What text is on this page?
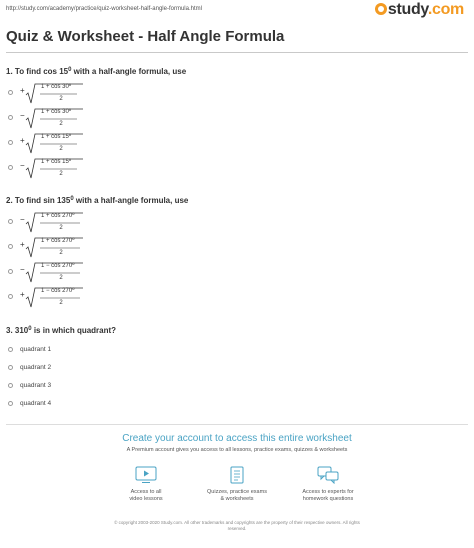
http://study.com/academy/practice/quiz-worksheet-half-angle-formula.html	study.com
Quiz & Worksheet - Half Angle Formula
1. To find $\cos 15^0$ with a half-angle formula, use
+	1 + cos 30º
2
−	1 + cos 30º
2
+	1 + cos 15º
2
−	1 + cos 15º
2
2. To find $\sin 135^0$ with a half-angle formula, use
−	1 + cos 270º
2
+	1 + cos 270º
2
−	1 − cos 270º
2
+	1 − cos 270º
2
3. $310^0$ is in which quadrant?
quadrant 1
quadrant 2
quadrant 3
quadrant 4
Create your account to access this entire worksheet
A Premium account gives you access to all lessons, practice exams, quizzes & worksheets
Access to all
video lessons
Quizzes, practice exams
& worksheets
Access to experts for
homework questions
© copyright 2003-2020 Study.com. All other trademarks and copyrights are the property of their respective owners. All rights
reserved.
